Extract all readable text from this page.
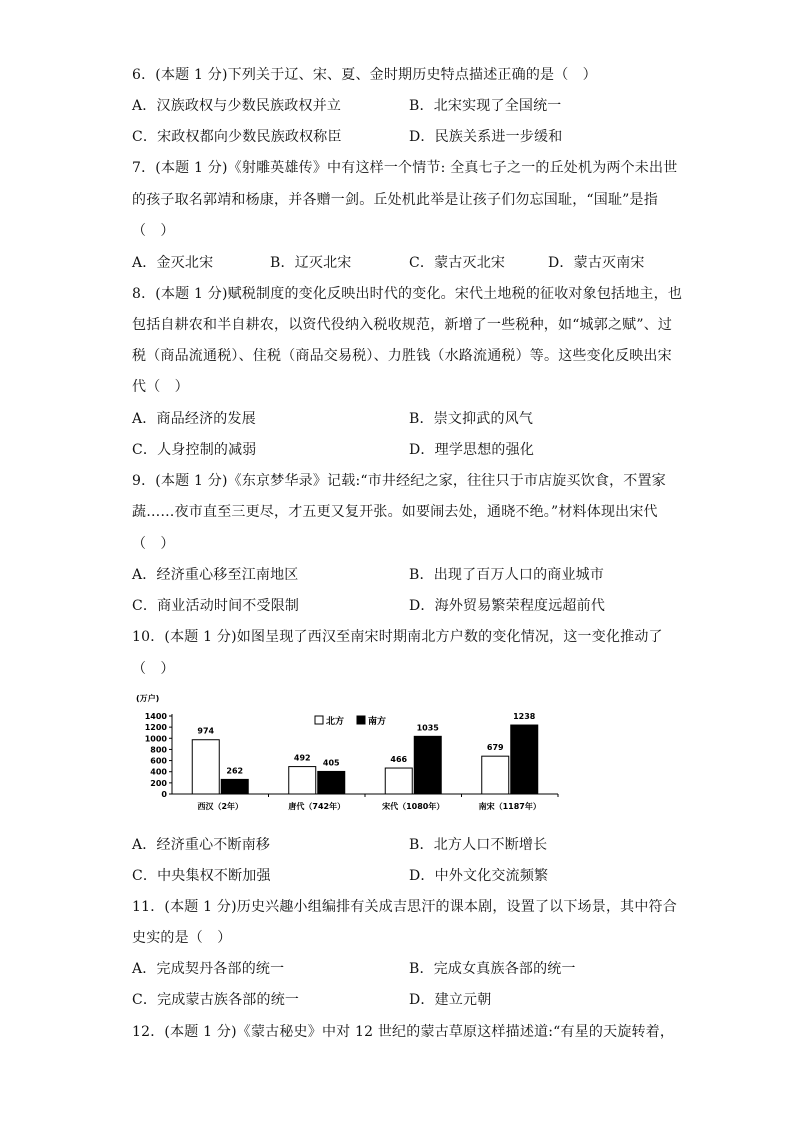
6．(本题 1 分)下列关于辽、宋、夏、金时期历史特点描述正确的是（　）
A．汉族政权与少数民族政权并立	B．北宋实现了全国统一
C．宋政权都向少数民族政权称臣	D．民族关系进一步缓和
7．(本题 1 分)《射雕英雄传》中有这样一个情节: 全真七子之一的丘处机为两个未出世
的孩子取名郭靖和杨康，并各赠一剑。丘处机此举是让孩子们勿忘国耻，“国耻”是指
（　）
A．金灭北宋	B．辽灭北宋	C．蒙古灭北宋	D．蒙古灭南宋
8．(本题 1 分)赋税制度的变化反映出时代的变化。宋代土地税的征收对象包括地主，也
包括自耕农和半自耕农，以资代役纳入税收规范，新增了一些税种，如“城郭之赋”、过
税（商品流通税）、住税（商品交易税）、力胜钱（水路流通税）等。这些变化反映出宋
代（　）
A．商品经济的发展	B．崇文抑武的风气
C．人身控制的减弱	D．理学思想的强化
9．(本题 1 分)《东京梦华录》记载:“市井经纪之家，往往只于市店旋买饮食，不置家
蔬……夜市直至三更尽，才五更又复开张。如要闹去处，通晓不绝。”材料体现出宋代
（　）
A．经济重心移至江南地区	B．出现了百万人口的商业城市
C．商业活动时间不受限制	D．海外贸易繁荣程度远超前代
10．(本题 1 分)如图呈现了西汉至南宋时期南北方户数的变化情况，这一变化推动了
（　）
(万户)
0
200
400
600
800
1000
1200
1400
西汉（2年）	唐代（742年）	宋代（1080年）	南宋（1187年）
974
262
492
405	466
1035
679
1238
北方	南方
A．经济重心不断南移	B．北方人口不断增长
C．中央集权不断加强	D．中外文化交流频繁
11．(本题 1 分)历史兴趣小组编排有关成吉思汗的课本剧，设置了以下场景，其中符合
史实的是（　）
A．完成契丹各部的统一	B．完成女真族各部的统一
C．完成蒙古族各部的统一	D．建立元朝
12．(本题 1 分)《蒙古秘史》中对 12 世纪的蒙古草原这样描述道:“有星的天旋转着，
